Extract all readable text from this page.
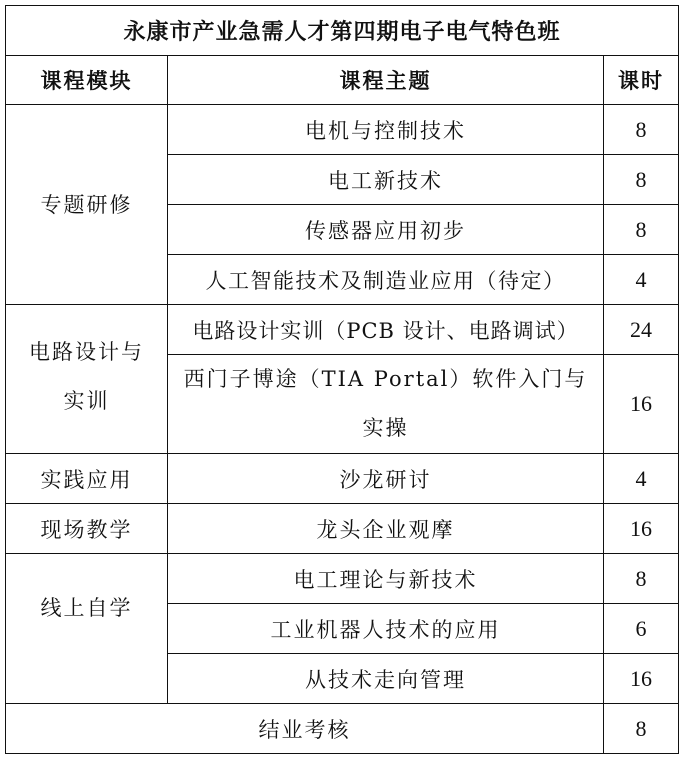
永康市产业急需人才第四期电子电气特色班		
课程模块	课程主题	课时
专题研修	电机与控制技术	8
	电工新技术	8
	传感器应用初步	8
	人工智能技术及制造业应用（待定）	4
电路设计与实训	电路设计实训（PCB 设计、电路调试）	24
	西门子博途（TIA Portal）软件入门与实操	16
实践应用	沙龙研讨	4
现场教学	龙头企业观摩	16
线上自学	电工理论与新技术	8
	工业机器人技术的应用	6
	从技术走向管理	16
结业考核		8
